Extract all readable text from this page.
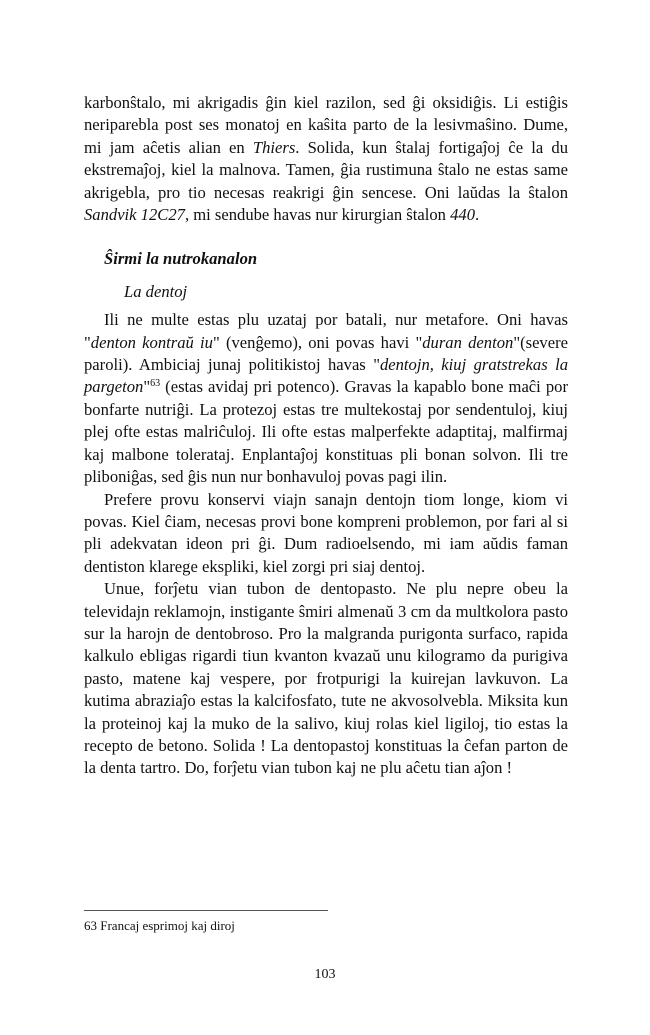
karbonŝtalo, mi akrigadis ĝin kiel razilon, sed ĝi oksidiĝis. Li estiĝis neriparebla post ses monatoj en kaŝita parto de la lesivmaŝino. Dume, mi jam aĉetis alian en Thiers. Solida, kun ŝtalaj fortigaĵoj ĉe la du ekstremaĵoj, kiel la malnova. Tamen, ĝia rustimuna ŝtalo ne estas same akrigebla, pro tio necesas reakrigi ĝin sencese. Oni laŭdas la ŝtalon Sandvik 12C27, mi sendube havas nur kirurgian ŝtalon 440.

Ŝirmi la nutrokanalon
La dentoj

Ili ne multe estas plu uzataj por batali, nur metafore. Oni havas "denton kontraŭ iu" (venĝemo), oni povas havi "duran denton"(severe paroli). Ambiciaj junaj politikistoj havas "dentojn, kiuj gratstrekas la pargeton"$^{63}$ (estas avidaj pri potenco). Gravas la kapablo bone maĉi por bonfarte nutriĝi. La protezoj estas tre multekostaj por sendentuloj, kiuj plej ofte estas malriĉuloj. Ili ofte estas malperfekte adaptitaj, malfirmaj kaj malbone tolerataj. Enplantaĵoj konstituas pli bonan solvon. Ili tre pliboniĝas, sed ĝis nun nur bonhavuloj povas pagi ilin.

Prefere provu konservi viajn sanajn dentojn tiom longe, kiom vi povas. Kiel ĉiam, necesas provi bone kompreni problemon, por fari al si pli adekvatan ideon pri ĝi. Dum radioelsendo, mi iam aŭdis faman dentiston klarege ekspliki, kiel zorgi pri siaj dentoj.

Unue, forĵetu vian tubon de dentopasto. Ne plu nepre obeu la televidajn reklamojn, instigante ŝmiri almenaŭ 3 cm da multkolora pasto sur la harojn de dentobroso. Pro la malgranda purigonta surfaco, rapida kalkulo ebligas rigardi tiun kvanton kvazaŭ unu kilogramo da purigiva pasto, matene kaj vespere, por frotpurigi la kuirejan lavkuvon. La kutima abraziaĵo estas la kalcifosfato, tute ne akvosolvebla. Miksita kun la proteinoj kaj la muko de la salivo, kiuj rolas kiel ligiloj, tio estas la recepto de betono. Solida ! La dentopastoj konstituas la ĉefan parton de la denta tartro. Do, forĵetu vian tubon kaj ne plu aĉetu tian aĵon !

63 Francaj esprimoj kaj diroj
103
